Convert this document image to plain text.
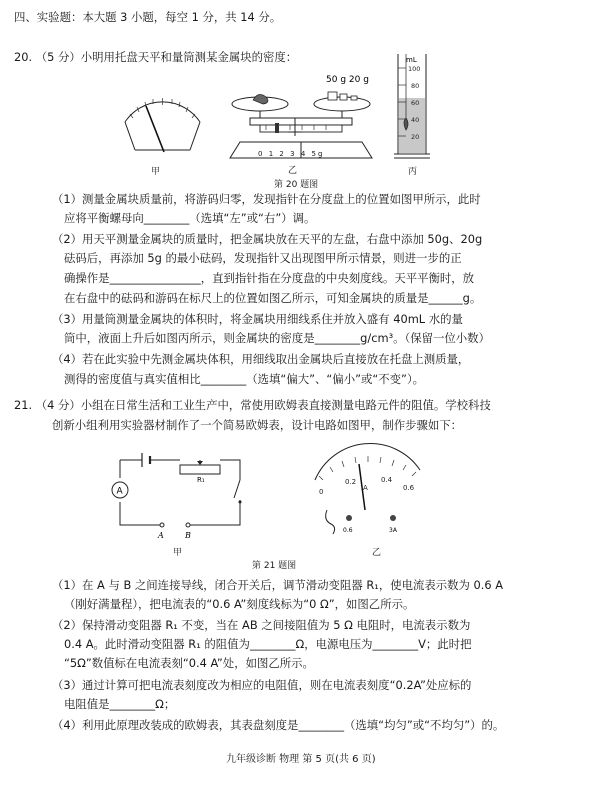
四、实验题：本大题 3 小题，每空 1 分，共 14 分。
20. （5 分）小明用托盘天平和量筒测某金属块的密度：
甲
50 g 20 g
乙
mL
100
80
60
40
20
丙
0 1 2 3 4 5g
第 20 题图
（1）测量金属块质量前，将游码归零，发现指针在分度盘上的位置如图甲所示，此时
应将平衡螺母向________（选填“左”或“右”）调。
（2）用天平测量金属块的质量时，把金属块放在天平的左盘，右盘中添加 50g、20g
砝码后，再添加 5g 的最小砝码，发现指针又出现图甲所示情景，则进一步的正
确操作是________________，直到指针指在分度盘的中央刻度线。天平平衡时，放
在右盘中的砝码和游码在标尺上的位置如图乙所示，可知金属块的质量是______g。
（3）用量筒测量金属块的体积时，将金属块用细线系住并放入盛有 40mL 水的量
筒中，液面上升后如图丙所示，则金属块的密度是________g/cm³。（保留一位小数）
（4）若在此实验中先测金属块体积，用细线取出金属块后直接放在托盘上测质量，
测得的密度值与真实值相比________（选填“偏大”、“偏小”或“不变”）。
21. （4 分）小组在日常生活和工业生产中，常使用欧姆表直接测量电路元件的阻值。学校科技
创新小组利用实验器材制作了一个简易欧姆表，设计电路如图甲，制作步骤如下：
R₁
A
A	B
甲
0
0.2
A
0.4
0.6
0.6	3A
乙
第 21 题图
（1）在 A 与 B 之间连接导线，闭合开关后，调节滑动变阻器 R₁，使电流表示数为 0.6 A
（刚好满量程），把电流表的“0.6 A”刻度线标为“0 Ω”，如图乙所示。
（2）保持滑动变阻器 R₁ 不变，当在 AB 之间接阻值为 5 Ω 电阻时，电流表示数为
0.4 A。此时滑动变阻器 R₁ 的阻值为________Ω，电源电压为________V；此时把
“5Ω”数值标在电流表刻“0.4 A”处，如图乙所示。
（3）通过计算可把电流表刻度改为相应的电阻值，则在电流表刻度“0.2A”处应标的
电阻值是________Ω；
（4）利用此原理改装成的欧姆表，其表盘刻度是________（选填“均匀”或“不均匀”）的。
九年级诊断 物理 第 5 页(共 6 页)
